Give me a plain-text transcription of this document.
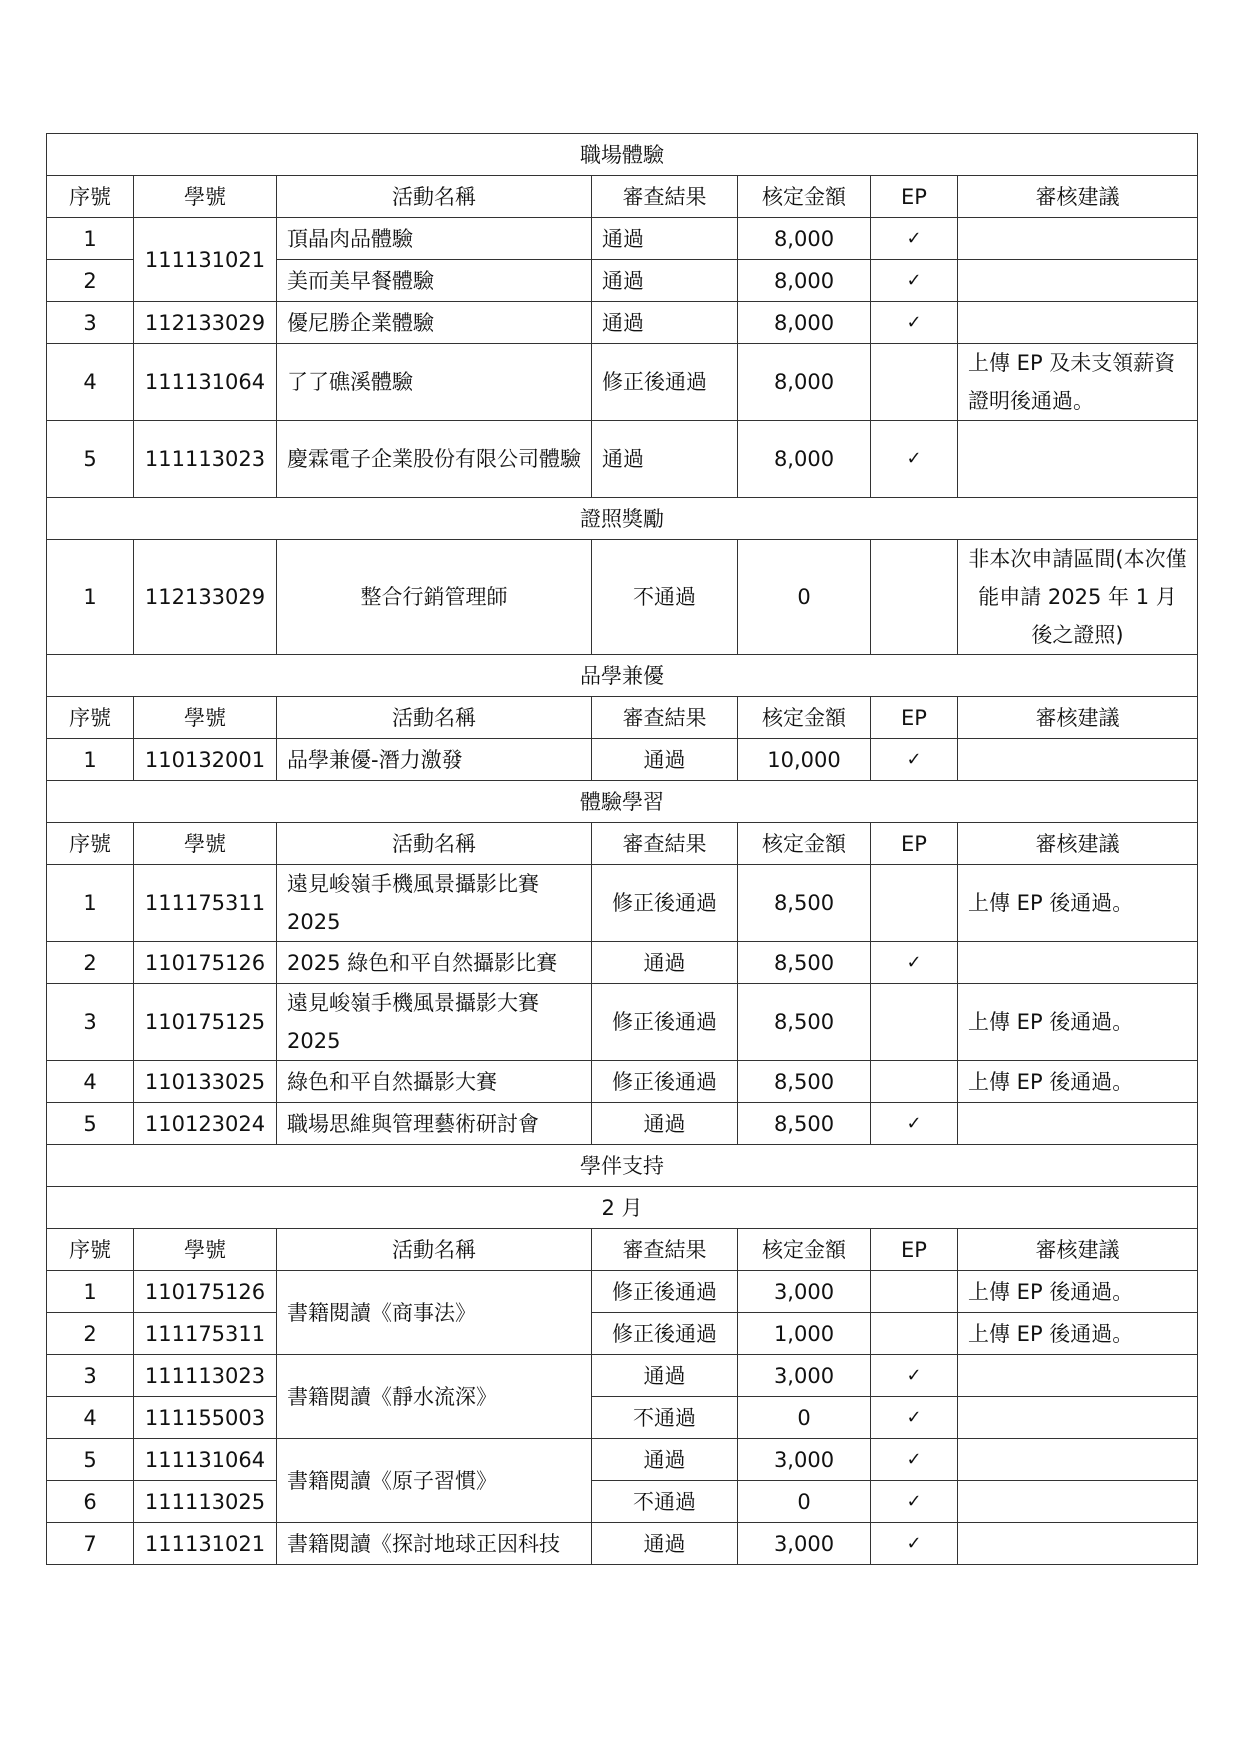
職場體驗						
序號	學號	活動名稱	審查結果	核定金額	EP	審核建議
1	111131021	頂晶肉品體驗	通過	8,000	✓	
2		美而美早餐體驗	通過	8,000	✓	
3	112133029	優尼勝企業體驗	通過	8,000	✓	
4	111131064	了了礁溪體驗	修正後通過	8,000		上傳 EP 及未支領薪資證明後通過。
5	111113023	慶霖電子企業股份有限公司體驗	通過	8,000	✓	
證照獎勵						
1	112133029	整合行銷管理師	不通過	0		非本次申請區間(本次僅能申請 2025 年 1 月後之證照)
品學兼優						
序號	學號	活動名稱	審查結果	核定金額	EP	審核建議
1	110132001	品學兼優-潛力激發	通過	10,000	✓	
體驗學習						
序號	學號	活動名稱	審查結果	核定金額	EP	審核建議
1	111175311	遠見峻嶺手機風景攝影比賽 2025	修正後通過	8,500		上傳 EP 後通過。
2	110175126	2025 綠色和平自然攝影比賽	通過	8,500	✓	
3	110175125	遠見峻嶺手機風景攝影大賽 2025	修正後通過	8,500		上傳 EP 後通過。
4	110133025	綠色和平自然攝影大賽	修正後通過	8,500		上傳 EP 後通過。
5	110123024	職場思維與管理藝術研討會	通過	8,500	✓	
學伴支持						
2 月						
序號	學號	活動名稱	審查結果	核定金額	EP	審核建議
1	110175126	書籍閱讀《商事法》	修正後通過	3,000		上傳 EP 後通過。
2	111175311		修正後通過	1,000		上傳 EP 後通過。
3	111113023	書籍閱讀《靜水流深》	通過	3,000	✓	
4	111155003		不通過	0	✓	
5	111131064	書籍閱讀《原子習慣》	通過	3,000	✓	
6	111113025		不通過	0	✓	
7	111131021	書籍閱讀《探討地球正因科技	通過	3,000	✓	
